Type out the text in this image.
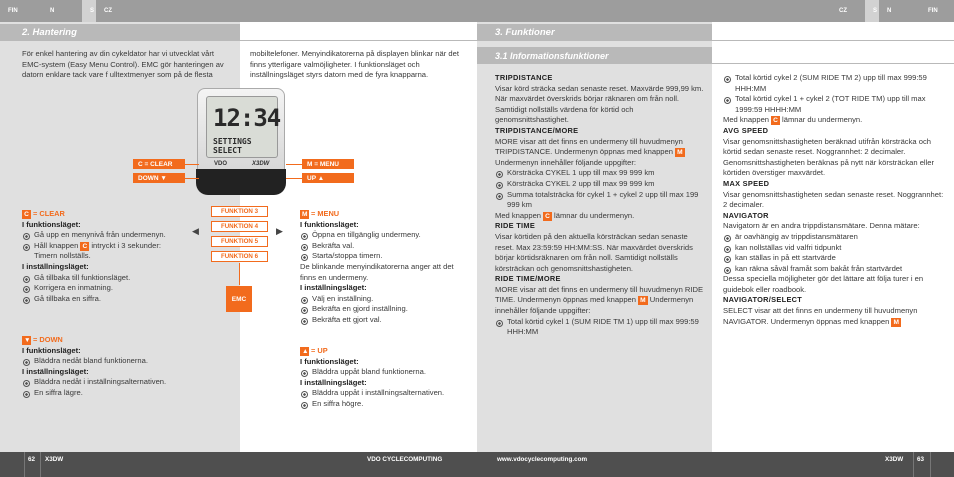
FIN	N	S	CZ	CZ	S	N	FIN
2. Hantering
För enkel hantering av din cykeldator har vi utvecklat vårt EMC-system (Easy Menu Control). EMC gör hanteringen av datorn enklare tack vare f ulltextmenyer som på de flesta
mobiltelefoner. Menyindikatorerna på displayen blinkar när det finns ytterligare valmöjligheter. I funktionsläget och inställningsläget styrs datorn med de fyra knapparna.
12:34
SETTINGS SELECT
VDO	X3DW
C = CLEAR
DOWN ▼
M = MENU
UP ▲
FUNKTION 3
FUNKTION 4
FUNKTION 5
FUNKTION 6
◀	▶
EMC
C = CLEAR

I funktionsläget:

Gå upp en menynivå från undermenyn.
Håll knappen C intryckt i 3 sekunder: Timern nollställs.

I inställningsläget:

Gå tillbaka till funktionsläget.
Korrigera en inmatning.
Gå tillbaka en siffra.
▼ = DOWN

I funktionsläget:

Bläddra nedåt bland funktionerna.

I inställningsläget:

Bläddra nedåt i inställningsalternativen.
En siffra lägre.
M = MENU

I funktionsläget:

Öppna en tillgänglig undermeny.
Bekräfta val.
Starta/stoppa timern.

De blinkande menyindikatorerna anger att det finns en undermeny.

I inställningsläget:

Välj en inställning.
Bekräfta en gjord inställning.
Bekräfta ett gjort val.
▲ = UP

I funktionsläget:

Bläddra uppåt bland funktionerna.

I inställningsläget:

Bläddra uppåt i inställningsalternativen.
En siffra högre.
3. Funktioner
3.1 Informationsfunktioner

TRIPDISTANCE

Visar körd sträcka sedan senaste reset. Maxvärde 999,99 km. När maxvärdet överskrids börjar räknaren om från noll. Samtidigt nollställs värdena för körtid och genomsnittshastighet.

TRIPDISTANCE/MORE

MORE visar att det finns en undermeny till huvudmenyn TRIPDISTANCE. Undermenyn öppnas med knappen M

Undermenyn innehåller följande uppgifter:

Körsträcka CYKEL 1 upp till max 99 999 km
Körsträcka CYKEL 2 upp till max 99 999 km
Summa totalsträcka för cykel 1 + cykel 2 upp till max 199 999 km

Med knappen C lämnar du undermenyn.

RIDE TIME

Visar körtiden på den aktuella körsträckan sedan senaste reset. Max 23:59:59 HH:MM:SS. När maxvärdet överskrids börjar körtidsräknaren om från noll. Samtidigt nollställs körsträckan och genomsnittshastigheten.

RIDE TIME/MORE

MORE visar att det finns en undermeny till huvudmenyn RIDE TIME. Undermenyn öppnas med knappen M Undermenyn innehåller följande uppgifter:

Total körtid cykel 1 (SUM RIDE TM 1) upp till max 999:59 HHH:MM
Total körtid cykel 2 (SUM RIDE TM 2) upp till max 999:59 HHH:MM
Total körtid cykel 1 + cykel 2 (TOT RIDE TM) upp till max 1999:59 HHHH:MM

Med knappen C lämnar du undermenyn.

AVG SPEED

Visar genomsnittshastigheten beräknad utifrån körsträcka och körtid sedan senaste reset. Noggrannhet: 2 decimaler. Genomsnittshastigheten beräknas på nytt när körsträckan eller körtiden överstiger maxvärdet.

MAX SPEED

Visar genomsnittshastigheten sedan senaste reset. Noggrannhet: 2 decimaler.

NAVIGATOR

Navigatorn är en andra trippdistansmätare. Denna mätare:

är oavhängig av trippdistansmätaren
kan nollställas vid valfri tidpunkt
kan ställas in på ett startvärde
kan räkna såväl framåt som bakåt från startvärdet

Dessa speciella möjligheter gör det lättare att följa turer i en guidebok eller roadbook.

NAVIGATOR/SELECT

SELECT visar att det finns en undermeny till huvudmenyn NAVIGATOR. Undermenyn öppnas med knappen M

62 X3DW	VDO CYCLECOMPUTING	www.vdocyclecomputing.com	X3DW 63
